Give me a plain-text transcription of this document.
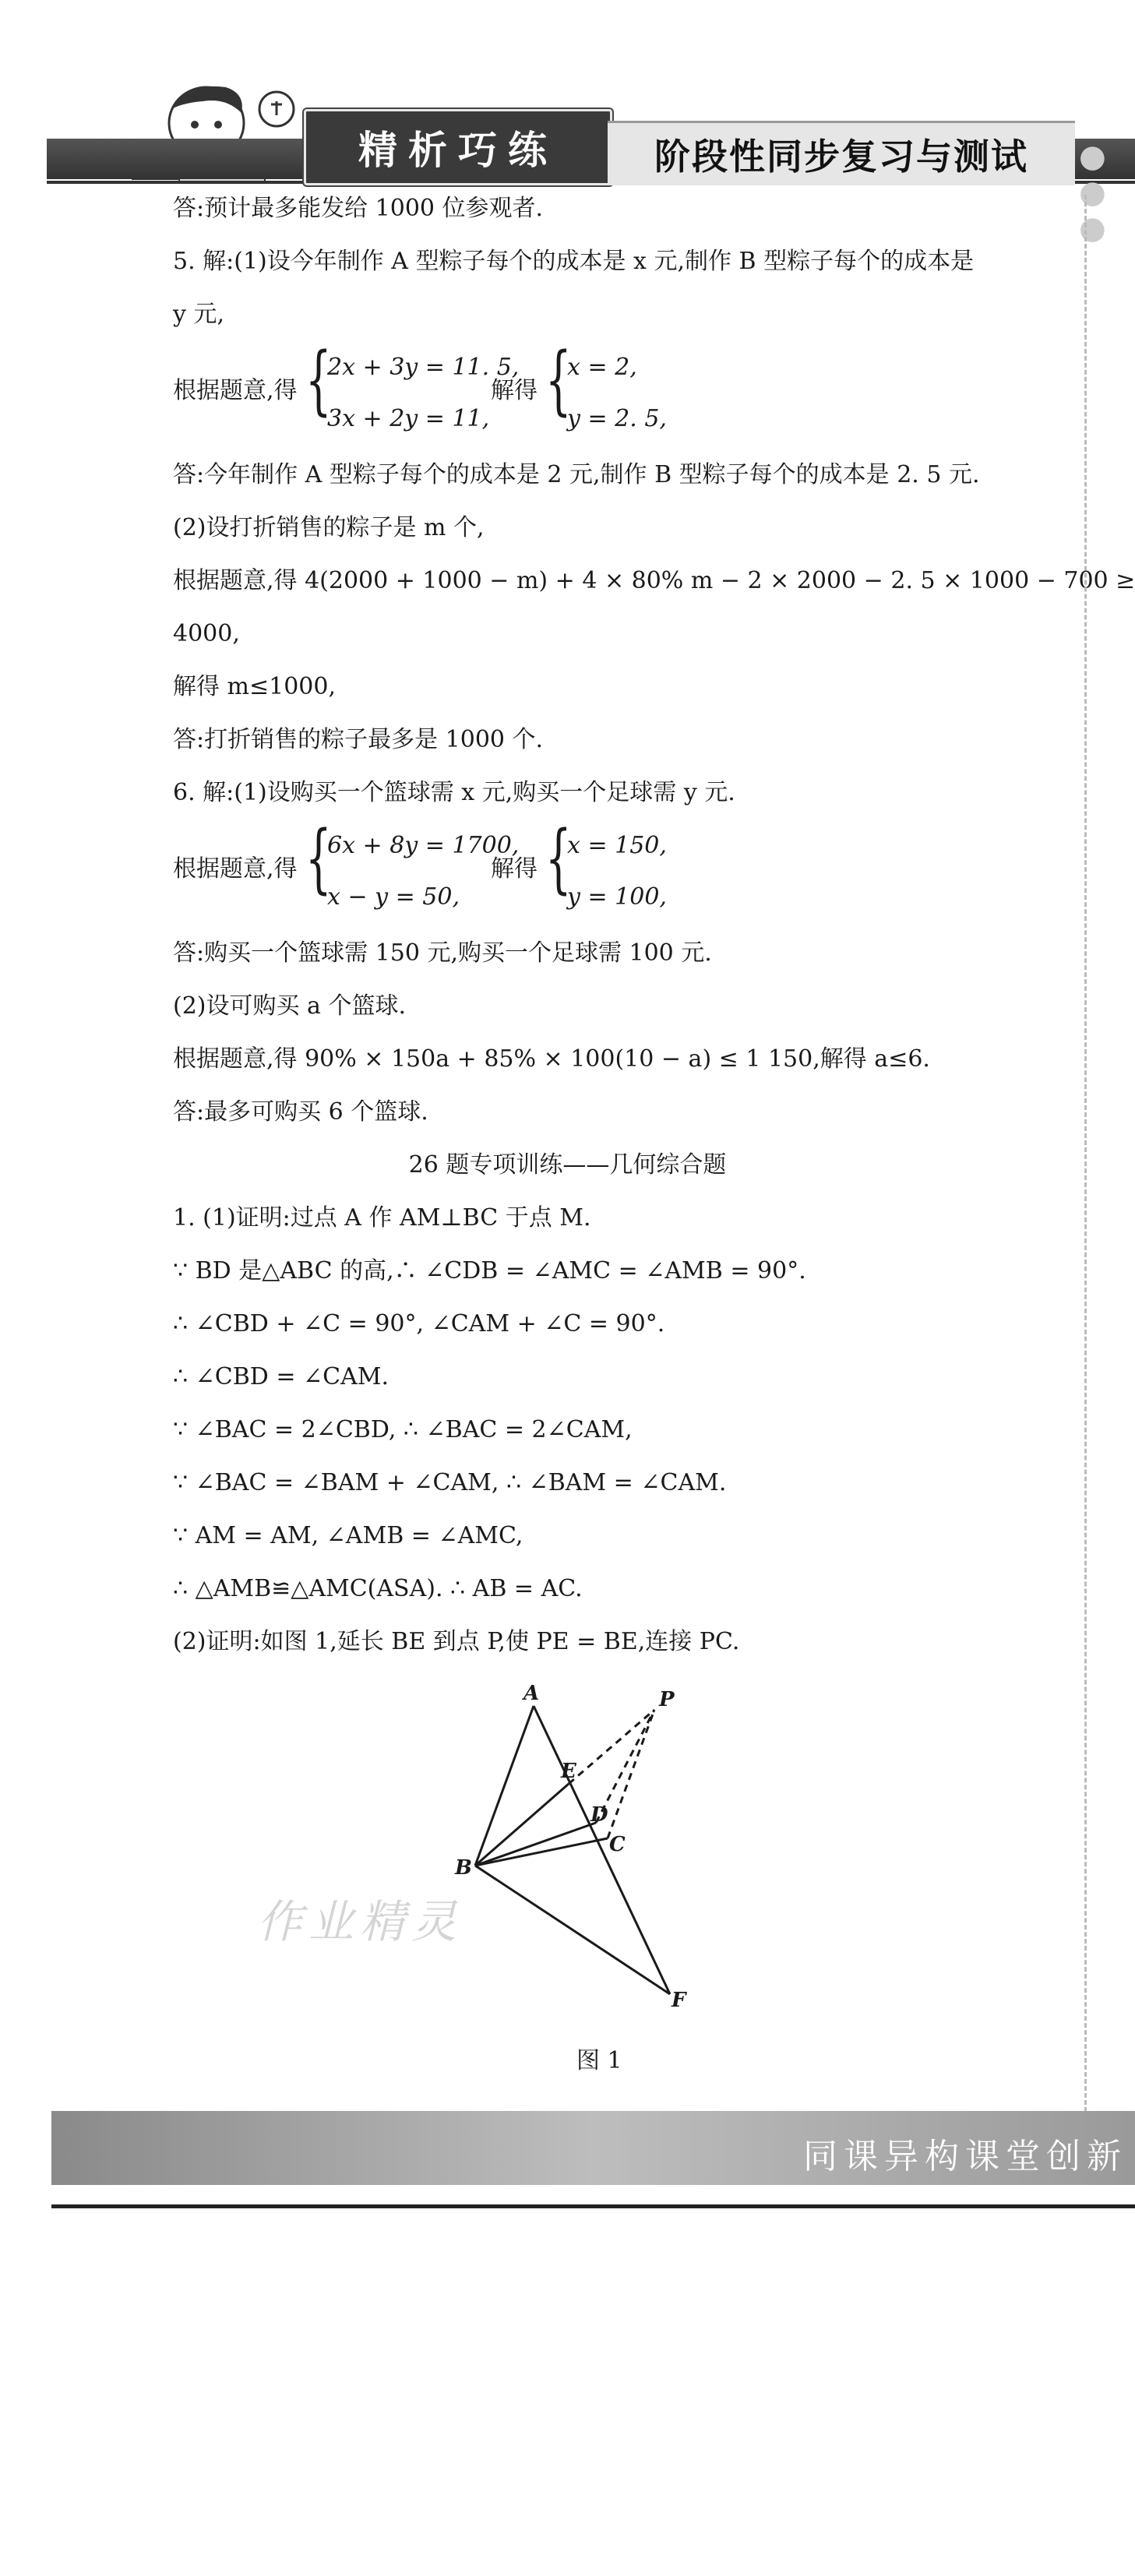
精析巧练	阶段性同步复习与测试	● ● ●
答:预计最多能发给 1000 位参观者.
5. 解:(1)设今年制作 A 型粽子每个的成本是 x 元,制作 B 型粽子每个的成本是
y 元,
根据题意,得 {
2x + 3y = 11. 5,
3x + 2y = 11,
解得 {
x = 2,
y = 2. 5,
答:今年制作 A 型粽子每个的成本是 2 元,制作 B 型粽子每个的成本是 2. 5 元.
(2)设打折销售的粽子是 m 个,
根据题意,得 4(2000 + 1000 − m) + 4 × 80% m − 2 × 2000 − 2. 5 × 1000 − 700 ≥
4000,
解得 m≤1000,
答:打折销售的粽子最多是 1000 个.
6. 解:(1)设购买一个篮球需 x 元,购买一个足球需 y 元.
根据题意,得 {
6x + 8y = 1700,
x − y = 50,
解得 {
x = 150,
y = 100,
答:购买一个篮球需 150 元,购买一个足球需 100 元.
(2)设可购买 a 个篮球.
根据题意,得 90% × 150a + 85% × 100(10 − a) ≤ 1 150,解得 a≤6.
答:最多可购买 6 个篮球.
26 题专项训练——几何综合题
1. (1)证明:过点 A 作 AM⊥BC 于点 M.
∵ BD 是△ABC 的高,∴ ∠CDB = ∠AMC = ∠AMB = 90°.
∴ ∠CBD + ∠C = 90°, ∠CAM + ∠C = 90°.
∴ ∠CBD = ∠CAM.
∵ ∠BAC = 2∠CBD, ∴ ∠BAC = 2∠CAM,
∵ ∠BAC = ∠BAM + ∠CAM, ∴ ∠BAM = ∠CAM.
∵ AM = AM, ∠AMB = ∠AMC,
∴ △AMB≌△AMC(ASA). ∴ AB = AC.
(2)证明:如图 1,延长 BE 到点 P,使 PE = BE,连接 PC.
A	P
E
D
C
B
F
图 1
作业精灵
同课异构课堂创新
